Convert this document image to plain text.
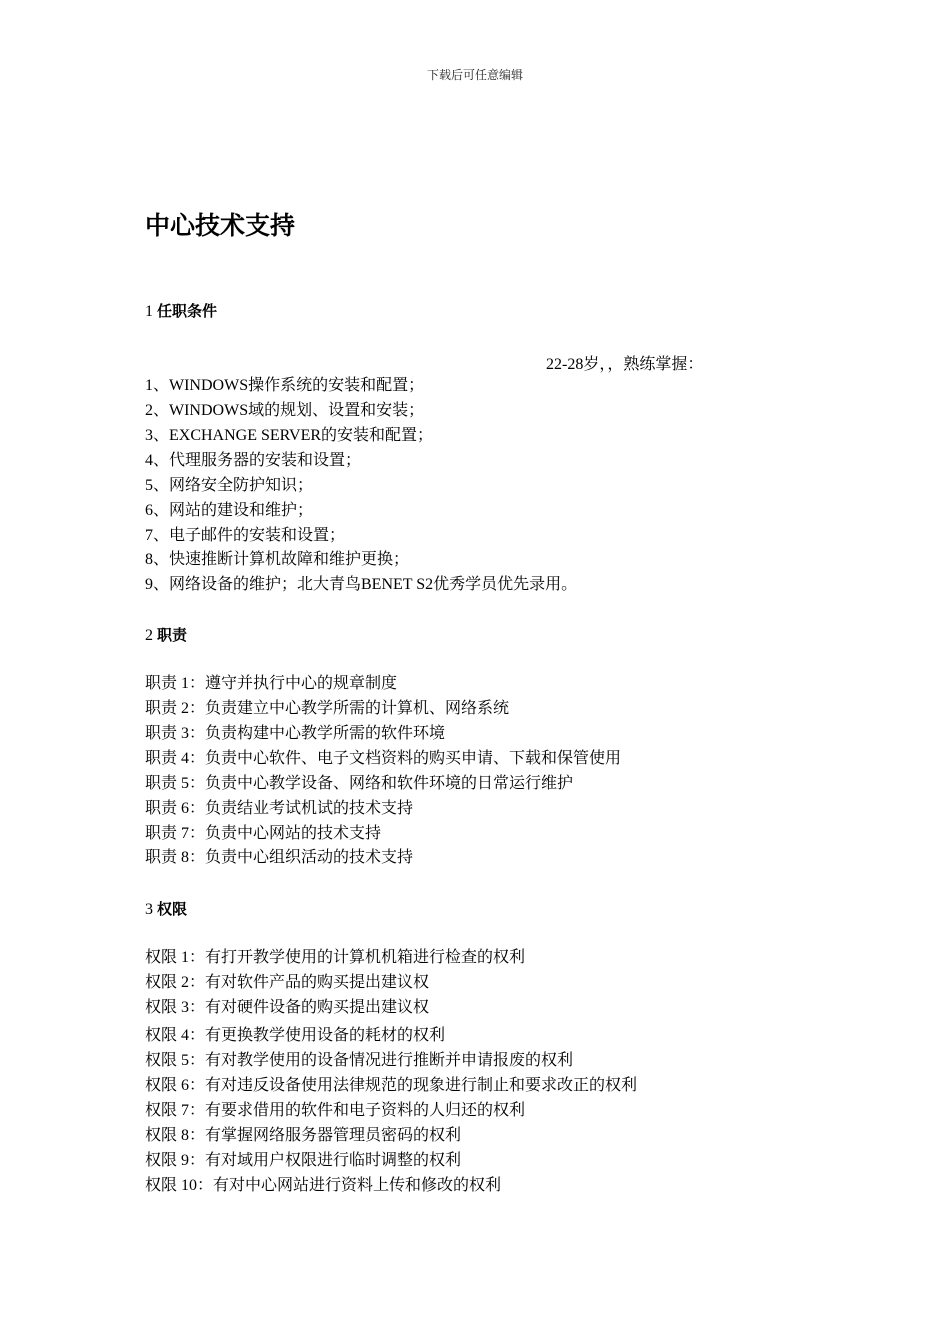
下载后可任意编辑
中心技术支持
1 任职条件
22-28岁，，熟练掌握：
1、WINDOWS操作系统的安装和配置；
2、WINDOWS域的规划、设置和安装；
3、EXCHANGE SERVER的安装和配置；
4、代理服务器的安装和设置；
5、网络安全防护知识；
6、网站的建设和维护；
7、电子邮件的安装和设置；
8、快速推断计算机故障和维护更换；
9、网络设备的维护；北大青鸟BENET S2优秀学员优先录用。
2 职责
职责 1：遵守并执行中心的规章制度
职责 2：负责建立中心教学所需的计算机、网络系统
职责 3：负责构建中心教学所需的软件环境
职责 4：负责中心软件、电子文档资料的购买申请、下载和保管使用
职责 5：负责中心教学设备、网络和软件环境的日常运行维护
职责 6：负责结业考试机试的技术支持
职责 7：负责中心网站的技术支持
职责 8：负责中心组织活动的技术支持
3 权限
权限 1：有打开教学使用的计算机机箱进行检查的权利
权限 2：有对软件产品的购买提出建议权
权限 3：有对硬件设备的购买提出建议权
权限 4：有更换教学使用设备的耗材的权利
权限 5：有对教学使用的设备情况进行推断并申请报废的权利
权限 6：有对违反设备使用法律规范的现象进行制止和要求改正的权利
权限 7：有要求借用的软件和电子资料的人归还的权利
权限 8：有掌握网络服务器管理员密码的权利
权限 9：有对域用户权限进行临时调整的权利
权限 10：有对中心网站进行资料上传和修改的权利
